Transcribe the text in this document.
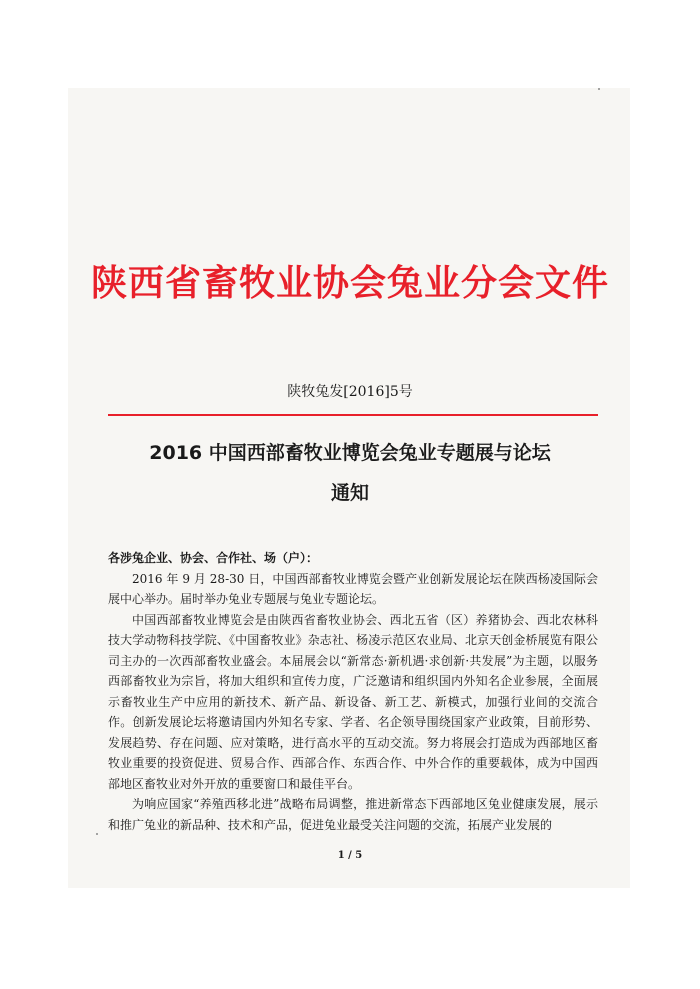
陕西省畜牧业协会兔业分会文件
陕牧兔发[2016]5号
2016 中国西部畜牧业博览会兔业专题展与论坛
通知

各涉兔企业、协会、合作社、场（户）：

2016 年 9 月 28-30 日，中国西部畜牧业博览会暨产业创新发展论坛在陕西杨凌国际会展中心举办。届时举办兔业专题展与兔业专题论坛。

中国西部畜牧业博览会是由陕西省畜牧业协会、西北五省（区）养猪协会、西北农林科技大学动物科技学院、《中国畜牧业》杂志社、杨凌示范区农业局、北京天创金桥展览有限公司主办的一次西部畜牧业盛会。本届展会以“新常态·新机遇·求创新·共发展”为主题，以服务西部畜牧业为宗旨，将加大组织和宣传力度，广泛邀请和组织国内外知名企业参展，全面展示畜牧业生产中应用的新技术、新产品、新设备、新工艺、新模式，加强行业间的交流合作。创新发展论坛将邀请国内外知名专家、学者、名企领导围绕国家产业政策，目前形势、发展趋势、存在问题、应对策略，进行高水平的互动交流。努力将展会打造成为西部地区畜牧业重要的投资促进、贸易合作、西部合作、东西合作、中外合作的重要载体，成为中国西部地区畜牧业对外开放的重要窗口和最佳平台。

为响应国家“养殖西移北进”战略布局调整，推进新常态下西部地区兔业健康发展，展示和推广兔业的新品种、技术和产品，促进兔业最受关注问题的交流，拓展产业发展的

1 / 5
